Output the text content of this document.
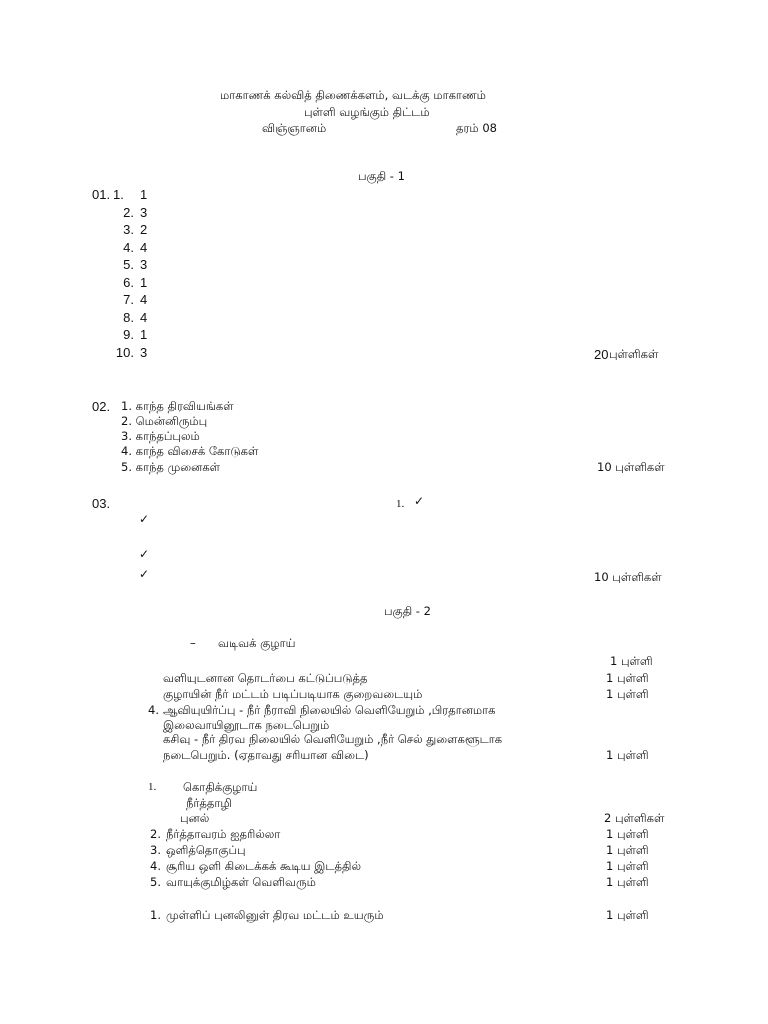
மாகாணக் கல்வித் திணைக்களம், வடக்கு மாகாணம்
புள்ளி வழங்கும் திட்டம்
விஞ்ஞானம்	தரம் 08
பகுதி - 1
01. 1.	1
2. 3
3. 2
4. 4
5. 3
6. 1
7. 4
8. 4
9. 1
10. 3	20 புள்ளிகள்
02. 1. காந்த திரவியங்கள்
2. மென்னிரும்பு
3. காந்தப்புலம்
4. காந்த விசைக் கோடுகள்
5. காந்த முனைகள்	10 புள்ளிகள்
03.	1. ✓
✓
✓
✓	10 புள்ளிகள்
பகுதி - 2
– வடிவக் குழாய்
1 புள்ளி
வளியுடனான தொடர்பை கட்டுப்படுத்த	1 புள்ளி
குழாயின் நீர் மட்டம் படிப்படியாக குறைவடையும்	1 புள்ளி
4. ஆவியுயிர்ப்பு - நீர் நீராவி நிலையில் வெளியேறும் ,பிரதானமாக
இலைவாயினூடாக நடைபெறும்
கசிவு - நீர் திரவ நிலையில் வெளியேறும் ,நீர் செல் துளைகளூடாக
நடைபெறும். (ஏதாவது சரியான விடை)	1 புள்ளி
1. கொதிக்குழாய்
நீர்த்தாழி
புனல்	2 புள்ளிகள்
2. நீர்த்தாவரம் ஐதரில்லா	1 புள்ளி
3. ஒளித்தொகுப்பு	1 புள்ளி
4. சூரிய ஒளி கிடைக்கக் கூடிய இடத்தில்	1 புள்ளி
5. வாயுக்குமிழ்கள் வெளிவரும்	1 புள்ளி
1. முள்ளிப் புனலினுள் திரவ மட்டம் உயரும்	1 புள்ளி
